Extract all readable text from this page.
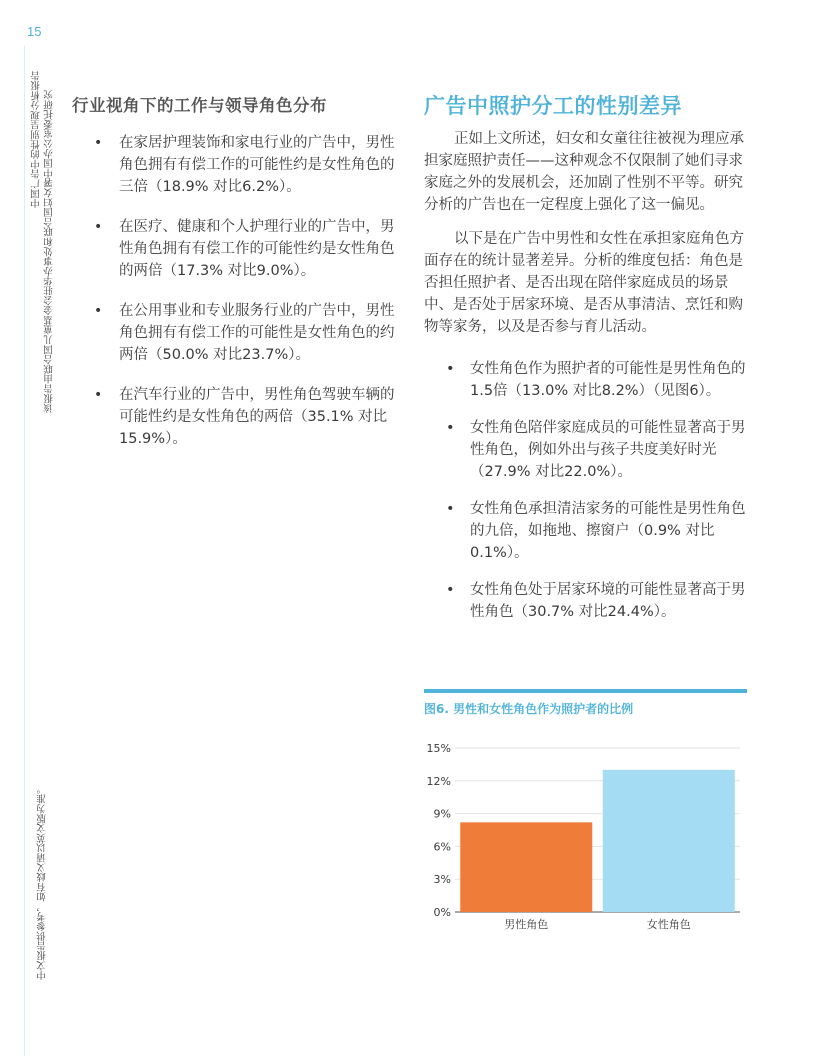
15
中国广告中的性别呈现分析报告 该报告由联合国儿童基金会驻华办事处和联合国妇女署中国办公室委托研究
中文报告供参考，如有歧义请以英文版为准。
行业视角下的工作与领导角色分布
• 在家居护理装饰和家电行业的广告中，男性角色拥有有偿工作的可能性约是女性角色的三倍（18.9% 对比6.2%）。
• 在医疗、健康和个人护理行业的广告中，男性角色拥有有偿工作的可能性约是女性角色的两倍（17.3% 对比9.0%）。
• 在公用事业和专业服务行业的广告中，男性角色拥有有偿工作的可能性是女性角色的约两倍（50.0% 对比23.7%）。
• 在汽车行业的广告中，男性角色驾驶车辆的可能性约是女性角色的两倍（35.1% 对比15.9%）。
广告中照护分工的性别差异

正如上文所述，妇女和女童往往被视为理应承担家庭照护责任——这种观念不仅限制了她们寻求家庭之外的发展机会，还加剧了性别不平等。研究分析的广告也在一定程度上强化了这一偏见。

以下是在广告中男性和女性在承担家庭角色方面存在的统计显著差异。分析的维度包括：角色是否担任照护者、是否出现在陪伴家庭成员的场景中、是否处于居家环境、是否从事清洁、烹饪和购物等家务，以及是否参与育儿活动。

• 女性角色作为照护者的可能性是男性角色的1.5倍（13.0% 对比8.2%）（见图6）。
• 女性角色陪伴家庭成员的可能性显著高于男性角色，例如外出与孩子共度美好时光（27.9% 对比22.0%）。
• 女性角色承担清洁家务的可能性是男性角色的九倍，如拖地、擦窗户（0.9% 对比0.1%）。
• 女性角色处于居家环境的可能性显著高于男性角色（30.7% 对比24.4%）。
图6. 男性和女性角色作为照护者的比例
0%
3%
6%
9%
12%
15%
男性角色	女性角色
